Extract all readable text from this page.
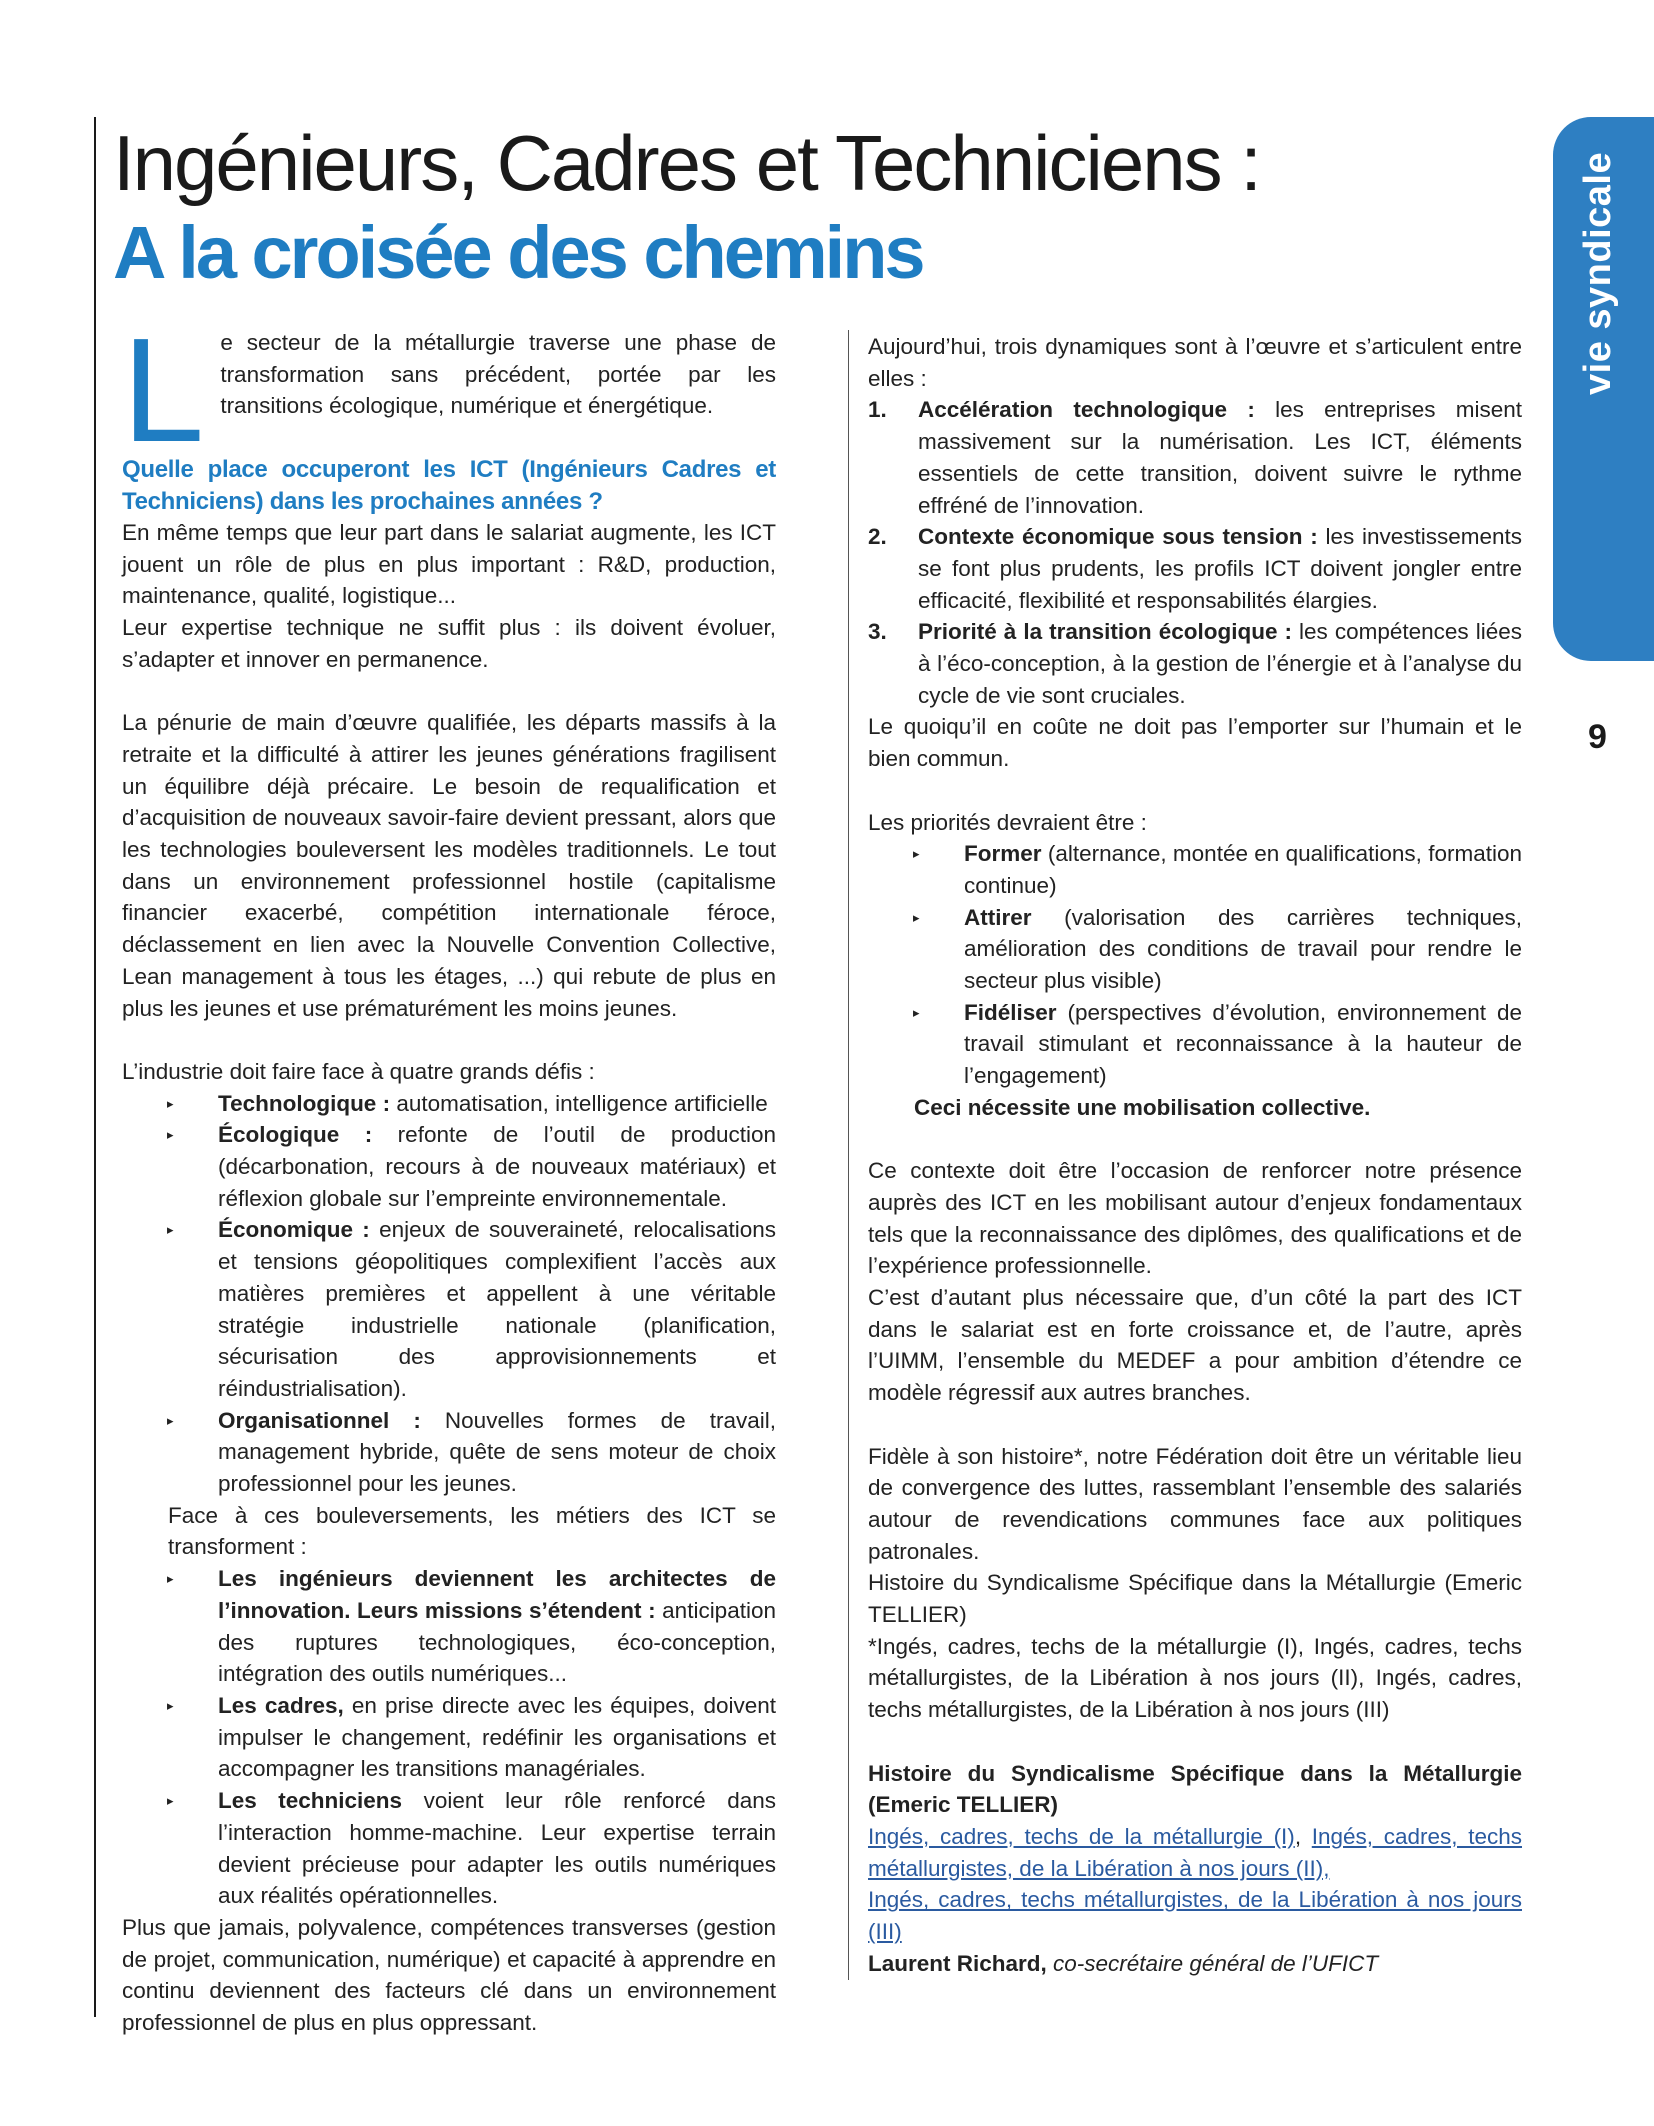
Ingénieurs, Cadres et Techniciens :
A la croisée des chemins	vie syndicale
9

Le secteur de la métallurgie traverse une phase de transformation sans précédent, portée par les transitions écologique, numérique et énergétique.

Quelle place occuperont les ICT (Ingénieurs Cadres et Techniciens) dans les prochaines années ?

En même temps que leur part dans le salariat augmente, les ICT jouent un rôle de plus en plus important : R&D, production, maintenance, qualité, logistique...

Leur expertise technique ne suffit plus : ils doivent évoluer, s’adapter et innover en permanence.

La pénurie de main d’œuvre qualifiée, les départs massifs à la retraite et la difficulté à attirer les jeunes générations fragilisent un équilibre déjà précaire. Le besoin de requalification et d’acquisition de nouveaux savoir-faire devient pressant, alors que les technologies bouleversent les modèles traditionnels. Le tout dans un environnement professionnel hostile (capitalisme financier exacerbé, compétition internationale féroce, déclassement en lien avec la Nouvelle Convention Collective, Lean management à tous les étages, ...) qui rebute de plus en plus les jeunes et use prématurément les moins jeunes.

L’industrie doit faire face à quatre grands défis :

▸ Technologique : automatisation, intelligence artificielle
▸ Écologique : refonte de l’outil de production (décarbonation, recours à de nouveaux matériaux) et réflexion globale sur l’empreinte environnementale.
▸ Économique : enjeux de souveraineté, relocalisations et tensions géopolitiques complexifient l’accès aux matières premières et appellent à une véritable stratégie industrielle nationale (planification, sécurisation des approvisionnements et réindustrialisation).
▸ Organisationnel : Nouvelles formes de travail, management hybride, quête de sens moteur de choix professionnel pour les jeunes.

Face à ces bouleversements, les métiers des ICT se transforment :

▸ Les ingénieurs deviennent les architectes de l’innovation. Leurs missions s’étendent : anticipation des ruptures technologiques, éco-conception, intégration des outils numériques...
▸ Les cadres, en prise directe avec les équipes, doivent impulser le changement, redéfinir les organisations et accompagner les transitions managériales.
▸ Les techniciens voient leur rôle renforcé dans l’interaction homme-machine. Leur expertise terrain devient précieuse pour adapter les outils numériques aux réalités opérationnelles.

Plus que jamais, polyvalence, compétences transverses (gestion de projet, communication, numérique) et capacité à apprendre en continu deviennent des facteurs clé dans un environnement professionnel de plus en plus oppressant.

Aujourd’hui, trois dynamiques sont à l’œuvre et s’articulent entre elles :

1. Accélération technologique : les entreprises misent massivement sur la numérisation. Les ICT, éléments essentiels de cette transition, doivent suivre le rythme effréné de l’innovation.
2. Contexte économique sous tension : les investissements se font plus prudents, les profils ICT doivent jongler entre efficacité, flexibilité et responsabilités élargies.
3. Priorité à la transition écologique : les compétences liées à l’éco-conception, à la gestion de l’énergie et à l’analyse du cycle de vie sont cruciales.

Le quoiqu’il en coûte ne doit pas l’emporter sur l’humain et le bien commun.

Les priorités devraient être :

▸ Former (alternance, montée en qualifications, formation continue)
▸ Attirer (valorisation des carrières techniques, amélioration des conditions de travail pour rendre le secteur plus visible)
▸ Fidéliser (perspectives d’évolution, environnement de travail stimulant et reconnaissance à la hauteur de l’engagement)

Ceci nécessite une mobilisation collective.

Ce contexte doit être l’occasion de renforcer notre présence auprès des ICT en les mobilisant autour d’enjeux fondamentaux tels que la reconnaissance des diplômes, des qualifications et de l’expérience professionnelle.

C’est d’autant plus nécessaire que, d’un côté la part des ICT dans le salariat est en forte croissance et, de l’autre, après l’UIMM, l’ensemble du MEDEF a pour ambition d’étendre ce modèle régressif aux autres branches.

Fidèle à son histoire*, notre Fédération doit être un véritable lieu de convergence des luttes, rassemblant l’ensemble des salariés autour de revendications communes face aux politiques patronales.

Histoire du Syndicalisme Spécifique dans la Métallurgie (Emeric TELLIER)

*Ingés, cadres, techs de la métallurgie (I), Ingés, cadres, techs métallurgistes, de la Libération à nos jours (II), Ingés, cadres, techs métallurgistes, de la Libération à nos jours (III)

Histoire du Syndicalisme Spécifique dans la Métallurgie (Emeric TELLIER)

Ingés, cadres, techs de la métallurgie (I), Ingés, cadres, techs métallurgistes, de la Libération à nos jours (II),

Ingés, cadres, techs métallurgistes, de la Libération à nos jours (III)

Laurent Richard, co-secrétaire général de l’UFICT
